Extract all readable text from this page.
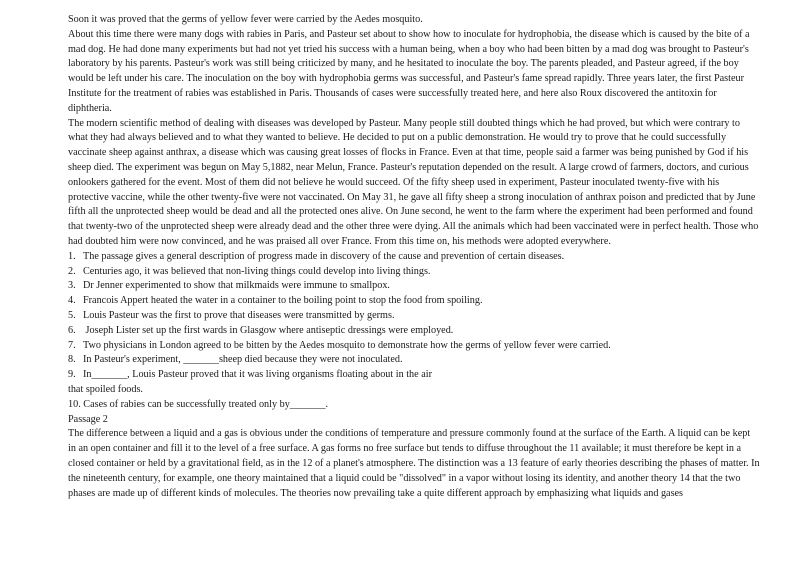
Soon it was proved that the germs of yellow fever were carried by the Aedes mosquito.

About this time there were many dogs with rabies in Paris, and Pasteur set about to show how to inoculate for hydrophobia, the disease which is caused by the bite of a mad dog. He had done many experiments but had not yet tried his success with a human being, when a boy who had been bitten by a mad dog was brought to Pasteur's laboratory by his parents. Pasteur's work was still being criticized by many, and he hesitated to inoculate the boy. The parents pleaded, and Pasteur agreed, if the boy would be left under his care. The inoculation on the boy with hydrophobia germs was successful, and Pasteur's fame spread rapidly. Three years later, the first Pasteur Institute for the treatment of rabies was established in Paris. Thousands of cases were successfully treated here, and here also Roux discovered the antitoxin for diphtheria.

The modern scientific method of dealing with diseases was developed by Pasteur. Many people still doubted things which he had proved, but which were contrary to what they had always believed and to what they wanted to believe. He decided to put on a public demonstration. He would try to prove that he could successfully vaccinate sheep against anthrax, a disease which was causing great losses of flocks in France. Even at that time, people said a farmer was being punished by God if his sheep died. The experiment was begun on May 5,1882, near Melun, France. Pasteur's reputation depended on the result. A large crowd of farmers, doctors, and curious onlookers gathered for the event. Most of them did not believe he would succeed. Of the fifty sheep used in experiment, Pasteur inoculated twenty-five with his protective vaccine, while the other twenty-five were not vaccinated. On May 31, he gave all fifty sheep a strong inoculation of anthrax poison and predicted that by June fifth all the unprotected sheep would be dead and all the protected ones alive. On June second, he went to the farm where the experiment had been performed and found that twenty-two of the unprotected sheep were already dead and the other three were dying. All the animals which had been vaccinated were in perfect health. Those who had doubted him were now convinced, and he was praised all over France. From this time on, his methods were adopted everywhere.

1. The passage gives a general description of progress made in discovery of the cause and prevention of certain diseases.
2. Centuries ago, it was believed that non-living things could develop into living things.
3. Dr Jenner experimented to show that milkmaids were immune to smallpox.
4. Francois Appert heated the water in a container to the boiling point to stop the food from spoiling.
5. Louis Pasteur was the first to prove that diseases were transmitted by germs.
6. Joseph Lister set up the first wards in Glasgow where antiseptic dressings were employed.
7. Two physicians in London agreed to be bitten by the Aedes mosquito to demonstrate how the germs of yellow fever were carried.
8. In Pasteur's experiment, _______sheep died because they were not inoculated.
9. In_______, Louis Pasteur proved that it was living organisms floating about in the air

that spoiled foods.

10. Cases of rabies can be successfully treated only by_______.

Passage 2

The difference between a liquid and a gas is obvious under the conditions of temperature and pressure commonly found at the surface of the Earth. A liquid can be kept in an open container and fill it to the level of a free surface. A gas forms no free surface but tends to diffuse throughout the 11 available; it must therefore be kept in a closed container or held by a gravitational field, as in the 12 of a planet's atmosphere. The distinction was a 13 feature of early theories describing the phases of matter. In the nineteenth century, for example, one theory maintained that a liquid could be "dissolved" in a vapor without losing its identity, and another theory 14 that the two phases are made up of different kinds of molecules. The theories now prevailing take a quite different approach by emphasizing what liquids and gases
